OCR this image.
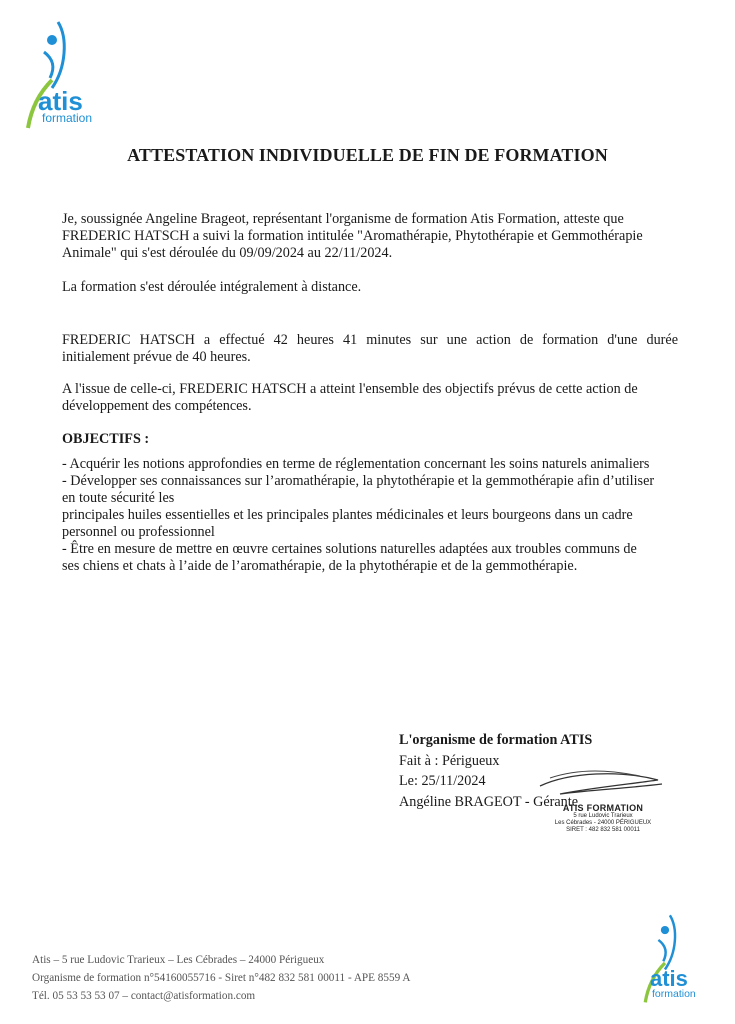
atis
formation
ATTESTATION INDIVIDUELLE DE FIN DE FORMATION
Je, soussignée Angeline Brageot, représentant l'organisme de formation Atis Formation, atteste que
FREDERIC HATSCH a suivi la formation intitulée "Aromathérapie, Phytothérapie et Gemmothérapie
Animale" qui s'est déroulée du 09/09/2024 au 22/11/2024.
La formation s'est déroulée intégralement à distance.
FREDERIC HATSCH a effectué 42 heures 41 minutes sur une action de formation d'une durée
initialement prévue de 40 heures.
A l'issue de celle-ci, FREDERIC HATSCH a atteint l'ensemble des objectifs prévus de cette action de
développement des compétences.
OBJECTIFS :
- Acquérir les notions approfondies en terme de réglementation concernant les soins naturels animaliers
- Développer ses connaissances sur l’aromathérapie, la phytothérapie et la gemmothérapie afin d’utiliser
en toute sécurité les
principales huiles essentielles et les principales plantes médicinales et leurs bourgeons dans un cadre
personnel ou professionnel
- Être en mesure de mettre en œuvre certaines solutions naturelles adaptées aux troubles communs de
ses chiens et chats à l’aide de l’aromathérapie, de la phytothérapie et de la gemmothérapie.
L'organisme de formation ATIS
Fait à : Périgueux
Le: 25/11/2024
Angéline BRAGEOT - Gérante
ATIS FORMATION
5 rue Ludovic Trarieux
Les Cébrades - 24000 PÉRIGUEUX
SIRET : 482 832 581 00011
Atis – 5 rue Ludovic Trarieux – Les Cébrades – 24000 Périgueux
Organisme de formation n°54160055716 - Siret n°482 832 581 00011 - APE 8559 A
Tél. 05 53 53 53 07 – contact@atisformation.com
atis
formation
